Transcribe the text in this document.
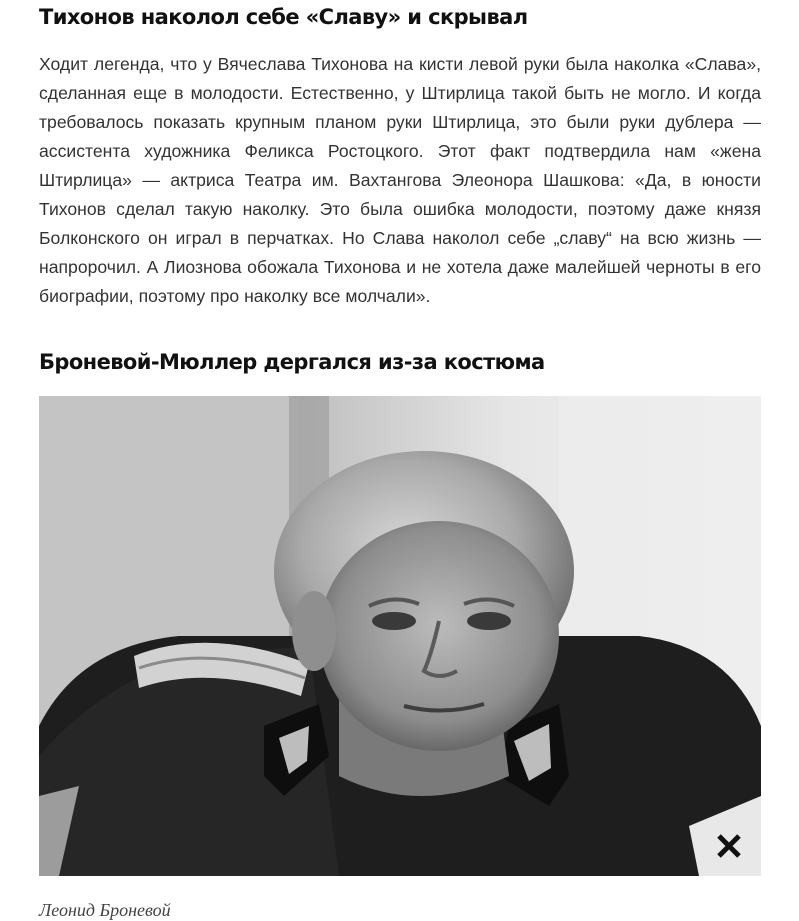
Тихонов наколол себе «Славу» и скрывал

Ходит легенда, что у Вячеслава Тихонова на кисти левой руки была наколка «Слава», сделанная еще в молодости. Естественно, у Штирлица такой быть не могло. И когда требовалось показать крупным планом руки Штирлица, это были руки дублера — ассистента художника Феликса Ростоцкого. Этот факт подтвердила нам «жена Штирлица» — актриса Театра им. Вахтангова Элеонора Шашкова: «Да, в юности Тихонов сделал такую наколку. Это была ошибка молодости, поэтому даже князя Болконского он играл в перчатках. Но Слава наколол себе „славу“ на всю жизнь — напророчил. А Лиознова обожала Тихонова и не хотела даже малейшей черноты в его биографии, поэтому про наколку все молчали».

Броневой-Мюллер дергался из-за костюма
Леонид Броневой
